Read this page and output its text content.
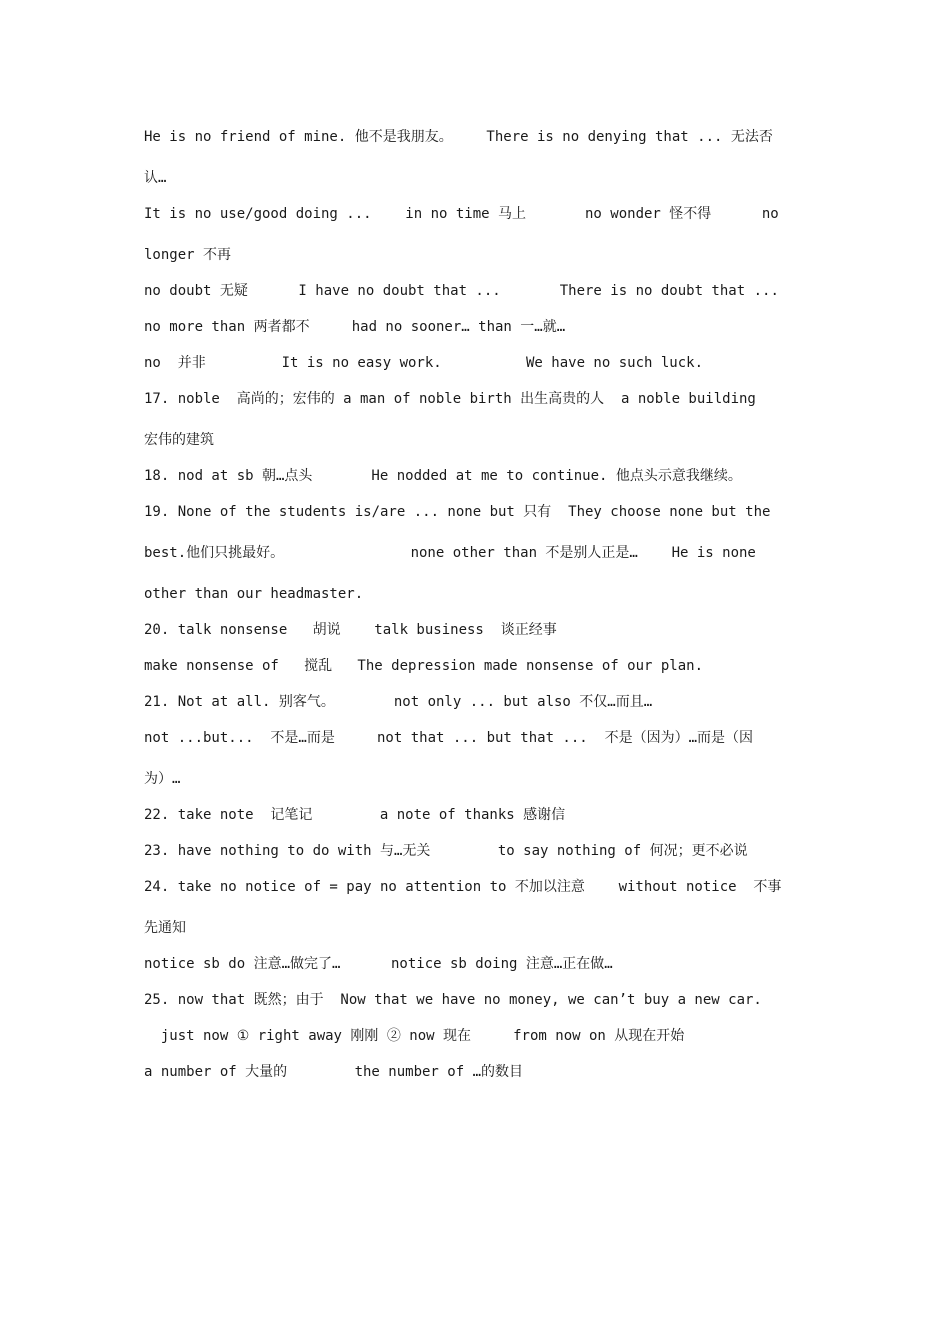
He is no friend of mine. 他不是我朋友。    There is no denying that ... 无法否
认…
It is no use/good doing ...    in no time 马上       no wonder 怪不得      no
longer 不再
no doubt 无疑      I have no doubt that ...       There is no doubt that ...
no more than 两者都不     had no sooner… than 一…就…
no  并非         It is no easy work.          We have no such luck.
17. noble  高尚的；宏伟的 a man of noble birth 出生高贵的人  a noble building
宏伟的建筑
18. nod at sb 朝…点头       He nodded at me to continue. 他点头示意我继续。
19. None of the students is/are ... none but 只有  They choose none but the
best.他们只挑最好。               none other than 不是别人正是…    He is none
other than our headmaster.
20. talk nonsense   胡说    talk business  谈正经事
make nonsense of   搅乱   The depression made nonsense of our plan.
21. Not at all. 别客气。       not only ... but also 不仅…而且…
not ...but...  不是…而是     not that ... but that ...  不是（因为）…而是（因
为）…
22. take note  记笔记        a note of thanks 感谢信
23. have nothing to do with 与…无关        to say nothing of 何况；更不必说
24. take no notice of = pay no attention to 不加以注意    without notice  不事
先通知
notice sb do 注意…做完了…      notice sb doing 注意…正在做…
25. now that 既然；由于  Now that we have no money, we can’t buy a new car.
just now ① right away 刚刚 ② now 现在     from now on 从现在开始
a number of 大量的        the number of …的数目
